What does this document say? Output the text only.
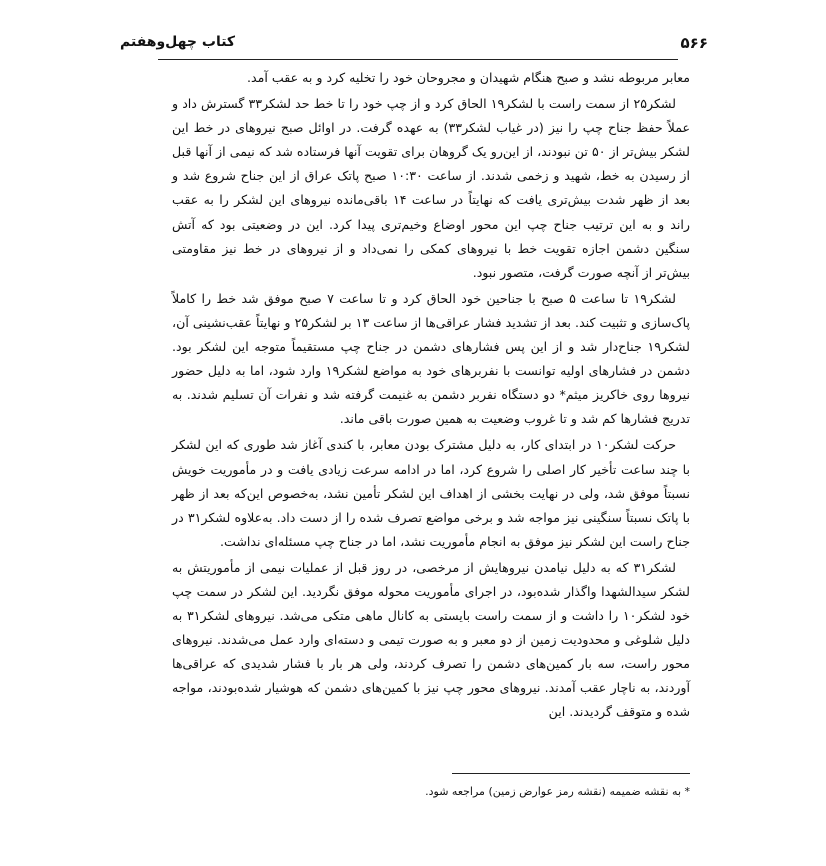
۵۶۶
کتاب چهل‌وهفتم

معابر مربوطه نشد و صبح هنگام شهیدان و مجروحان خود را تخلیه کرد و به عقب آمد.

لشکر۲۵ از سمت راست با لشکر۱۹ الحاق کرد و از چپ خود را تا خط حد لشکر۳۳ گسترش داد و عملاً حفظ جناح چپ را نیز (در غیاب لشکر۳۳) به عهده گرفت. در اوائل صبح نیروهای در خط این لشکر بیش‌تر از ۵۰ تن نبودند، از این‌رو یک گروهان برای تقویت آنها فرستاده شد که نیمی از آنها قبل از رسیدن به خط، شهید و زخمی شدند. از ساعت ۱۰:۳۰ صبح پاتک عراق از این جناح شروع شد و بعد از ظهر شدت بیش‌تری یافت که نهایتاً در ساعت ۱۴ باقی‌مانده نیروهای این لشکر را به عقب راند و به این ترتیب جناح چپ این محور اوضاع وخیم‌تری پیدا کرد. این در وضعیتی بود که آتش سنگین دشمن اجازه تقویت خط با نیروهای کمکی را نمی‌داد و از نیروهای در خط نیز مقاومتی بیش‌تر از آنچه صورت گرفت، متصور نبود.

لشکر۱۹ تا ساعت ۵ صبح با جناحین خود الحاق کرد و تا ساعت ۷ صبح موفق شد خط را کاملاً پاک‌سازی و تثبیت کند. بعد از تشدید فشار عراقی‌ها از ساعت ۱۳ بر لشکر۲۵ و نهایتاً عقب‌نشینی آن، لشکر۱۹ جناح‌دار شد و از این پس فشارهای دشمن در جناح چپ مستقیماً متوجه این لشکر بود. دشمن در فشارهای اولیه توانست با نفربرهای خود به مواضع لشکر۱۹ وارد شود، اما به دلیل حضور نیروها روی خاکریز میثم* دو دستگاه نفربر دشمن به غنیمت گرفته شد و نفرات آن تسلیم شدند. به تدریج فشارها کم شد و تا غروب وضعیت به همین صورت باقی ماند.

حرکت لشکر۱۰ در ابتدای کار، به دلیل مشترک بودن معابر، با کندی آغاز شد طوری که این لشکر با چند ساعت تأخیر کار اصلی را شروع کرد، اما در ادامه سرعت زیادی یافت و در مأموریت خویش نسبتاً موفق شد، ولی در نهایت بخشی از اهداف این لشکر تأمین نشد، به‌خصوص این‌که بعد از ظهر با پاتک نسبتاً سنگینی نیز مواجه شد و برخی مواضع تصرف شده را از دست داد. به‌علاوه لشکر۳۱ در جناح راست این لشکر نیز موفق به انجام مأموریت نشد، اما در جناح چپ مسئله‌ای نداشت.

لشکر۳۱ که به دلیل نیامدن نیروهایش از مرخصی، در روز قبل از عملیات نیمی از مأموریتش به لشکر سیدالشهدا واگذار شده‌بود، در اجرای مأموریت محوله موفق نگردید. این لشکر در سمت چپ خود لشکر۱۰ را داشت و از سمت راست بایستی به کانال ماهی متکی می‌شد. نیروهای لشکر۳۱ به دلیل شلوغی و محدودیت زمین از دو معبر و به صورت تیمی و دسته‌ای وارد عمل می‌شدند. نیروهای محور راست، سه بار کمین‌های دشمن را تصرف کردند، ولی هر بار با فشار شدیدی که عراقی‌ها آوردند، به ناچار عقب آمدند. نیروهای محور چپ نیز با کمین‌های دشمن که هوشیار شده‌بودند، مواجه شده و متوقف گردیدند. این

* به نقشه ضمیمه (نقشه رمز عوارض زمین) مراجعه شود.
